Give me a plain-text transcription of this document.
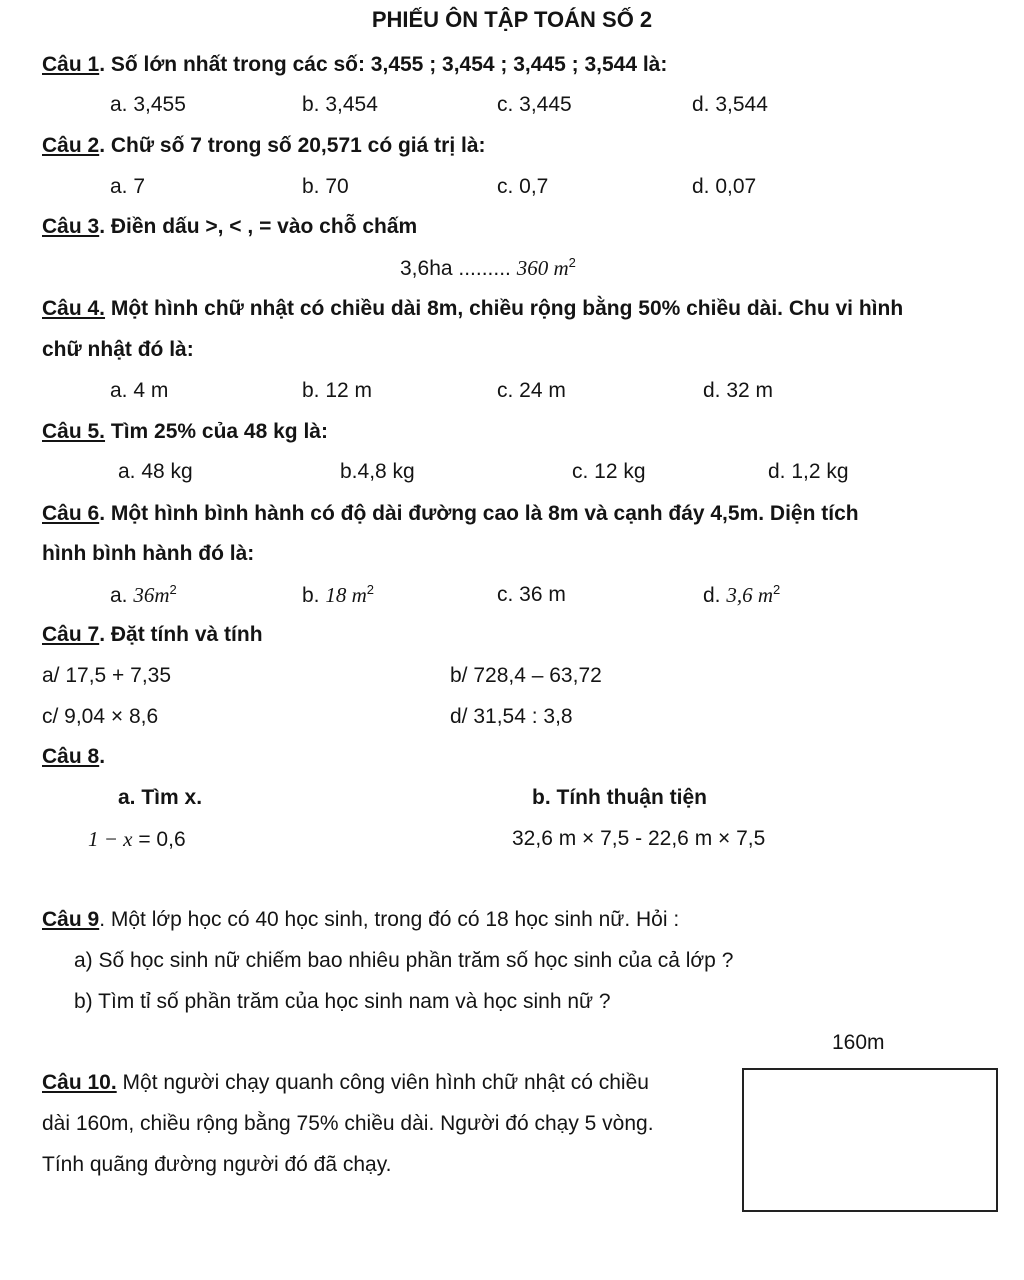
PHIẾU ÔN TẬP TOÁN SỐ 2
Câu 1. Số lớn nhất trong các số: 3,455 ; 3,454 ; 3,445 ; 3,544 là:
a. 3,455	b. 3,454	c. 3,445	d. 3,544
Câu 2. Chữ số 7 trong số 20,571 có giá trị là:
a. 7	b. 70	c. 0,7	d. 0,07
Câu 3. Điền dấu >, < , = vào chỗ chấm
3,6ha ......... 360 $m^2$
Câu 4. Một hình chữ nhật có chiều dài 8m, chiều rộng bằng 50% chiều dài. Chu vi hình
chữ nhật đó là:
a. 4 m	b. 12 m	c. 24 m	d. 32 m
Câu 5. Tìm 25% của 48 kg là:
a. 48 kg	b.4,8 kg	c. 12 kg	d. 1,2 kg
Câu 6. Một hình bình hành có độ dài đường cao là 8m và cạnh đáy 4,5m. Diện tích
hình bình hành đó là:
a. $36m^2$	b. 18 $m^2$	c. 36 m	d. 3,6 $m^2$
Câu 7. Đặt tính và tính
a/ 17,5 + 7,35	b/ 728,4 – 63,72
c/ 9,04 × 8,6	d/ 31,54 : 3,8
Câu 8.
a. Tìm x.	b. Tính thuận tiện
1 − x = 0,6	32,6 m × 7,5 - 22,6 m × 7,5
Câu 9. Một lớp học có 40 học sinh, trong đó có 18 học sinh nữ. Hỏi :
a) Số học sinh nữ chiếm bao nhiêu phần trăm số học sinh của cả lớp ?
b) Tìm tỉ số phần trăm của học sinh nam và học sinh nữ ?
160m
Câu 10. Một người chạy quanh công viên hình chữ nhật có chiều
dài 160m, chiều rộng bằng 75% chiều dài. Người đó chạy 5 vòng.
Tính quãng đường người đó đã chạy.
